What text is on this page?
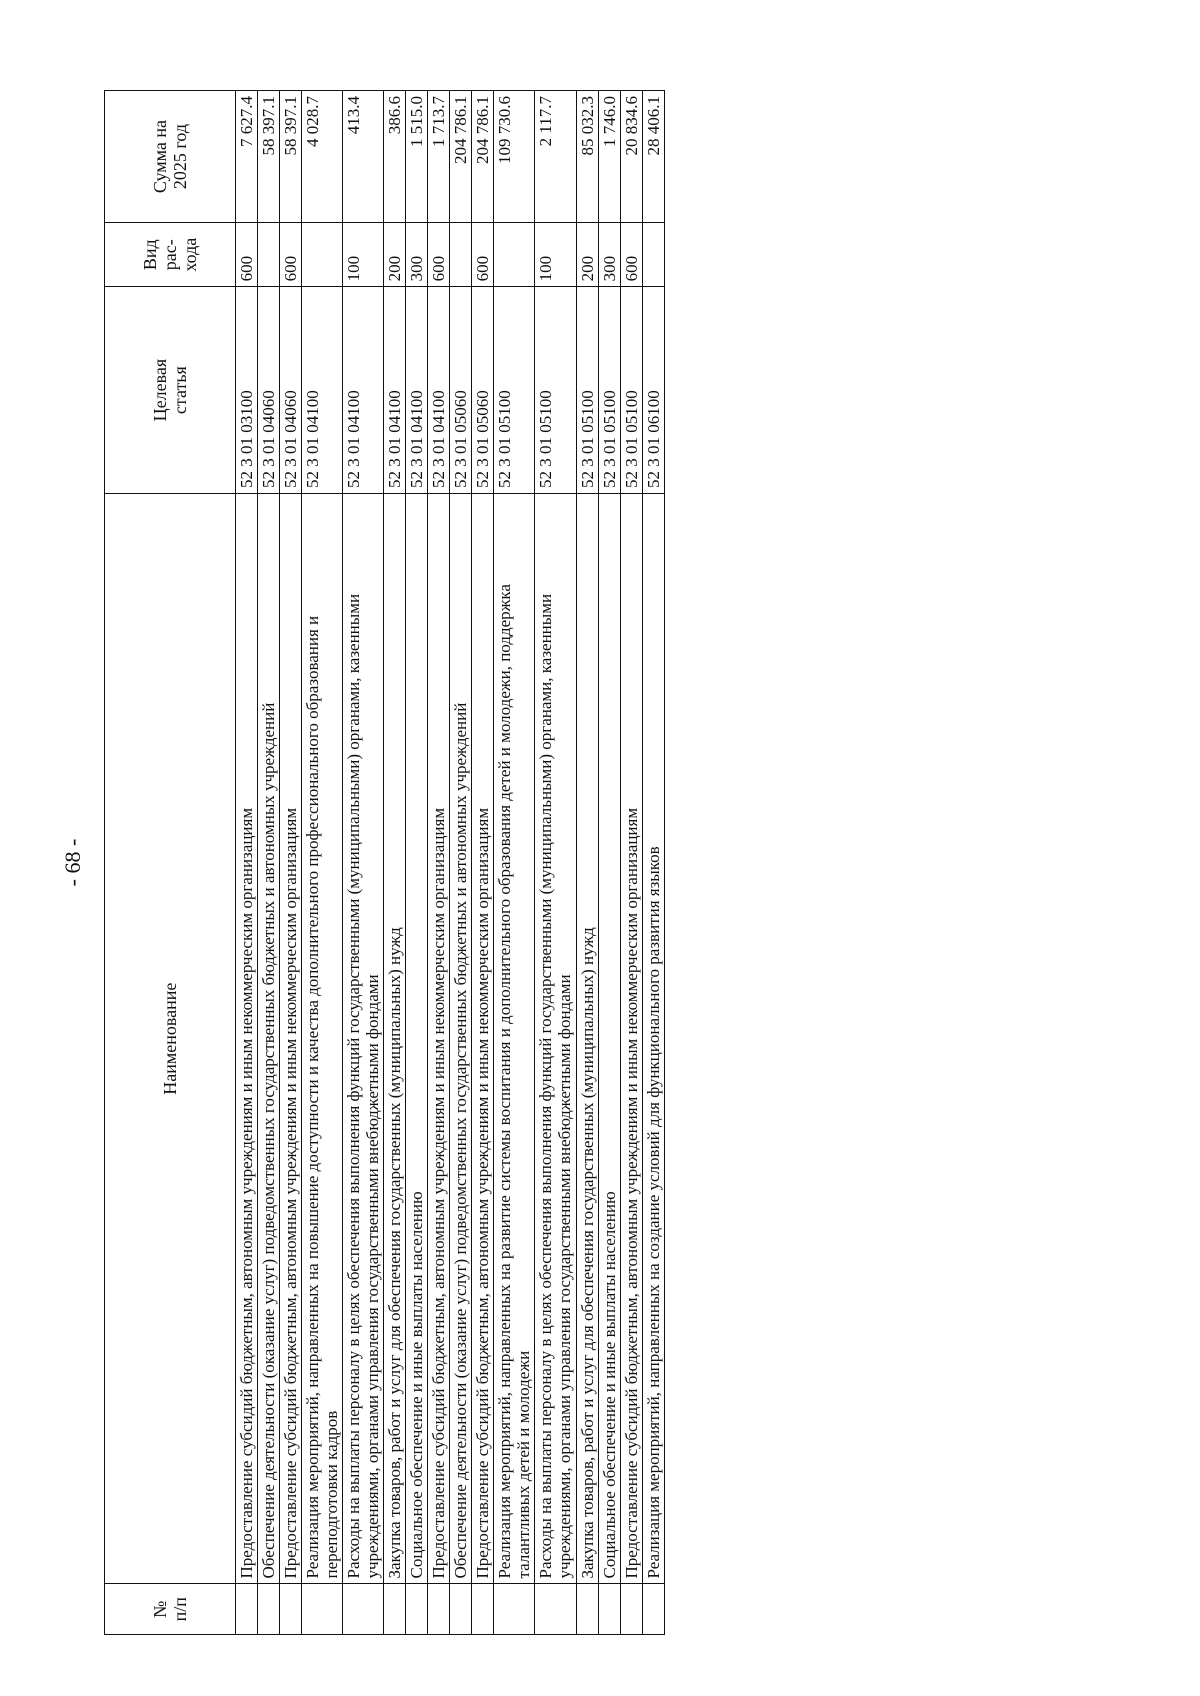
- 68 -
№ п/п	Наименование	Целевая статья	Вид рас- хода	Сумма на 2025 год

	Предоставление субсидий бюджетным, автономным учреждениям и иным некоммерческим организациям	52 3 01 03100	600	7 627.4
	Обеспечение деятельности (оказание услуг) подведомственных государственных бюджетных и автономных учреждений	52 3 01 04060		58 397.1
	Предоставление субсидий бюджетным, автономным учреждениям и иным некоммерческим организациям	52 3 01 04060	600	58 397.1
	Реализация мероприятий, направленных на повышение доступности и качества дополнительного профессионального образования и переподготовки кадров	52 3 01 04100		4 028.7
	Расходы на выплаты персоналу в целях обеспечения выполнения функций государственными (муниципальными) органами, казенными учреждениями, органами управления государственными внебюджетными фондами	52 3 01 04100	100	413.4
	Закупка товаров, работ и услуг для обеспечения государственных (муниципальных) нужд	52 3 01 04100	200	386.6
	Социальное обеспечение и иные выплаты населению	52 3 01 04100	300	1 515.0
	Предоставление субсидий бюджетным, автономным учреждениям и иным некоммерческим организациям	52 3 01 04100	600	1 713.7
	Обеспечение деятельности (оказание услуг) подведомственных государственных бюджетных и автономных учреждений	52 3 01 05060		204 786.1
	Предоставление субсидий бюджетным, автономным учреждениям и иным некоммерческим организациям	52 3 01 05060	600	204 786.1
	Реализация мероприятий, направленных на развитие системы воспитания и дополнительного образования детей и молодежи, поддержка талантливых детей и молодежи	52 3 01 05100		109 730.6
	Расходы на выплаты персоналу в целях обеспечения выполнения функций государственными (муниципальными) органами, казенными учреждениями, органами управления государственными внебюджетными фондами	52 3 01 05100	100	2 117.7
	Закупка товаров, работ и услуг для обеспечения государственных (муниципальных) нужд	52 3 01 05100	200	85 032.3
	Социальное обеспечение и иные выплаты населению	52 3 01 05100	300	1 746.0
	Предоставление субсидий бюджетным, автономным учреждениям и иным некоммерческим организациям	52 3 01 05100	600	20 834.6
	Реализация мероприятий, направленных на создание условий для функционального развития языков	52 3 01 06100		28 406.1
